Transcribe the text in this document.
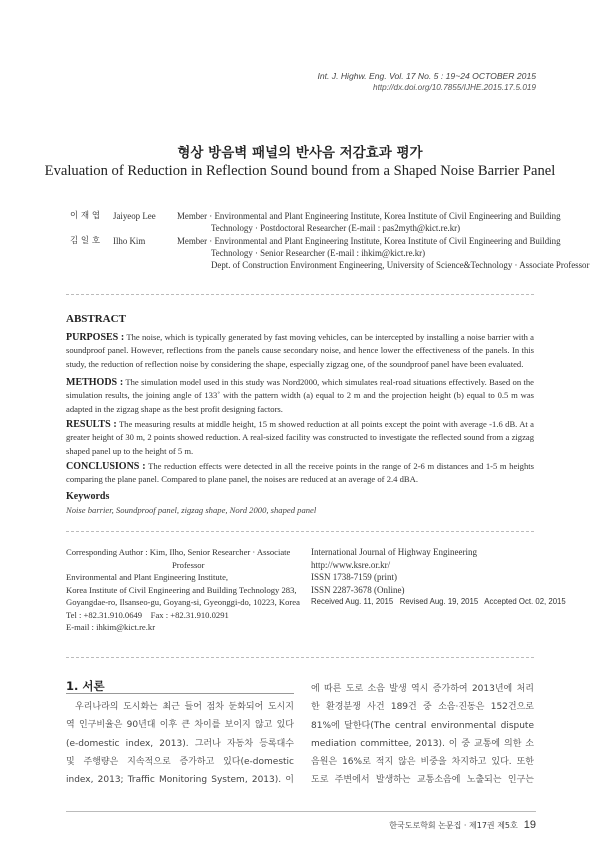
Int. J. Highw. Eng. Vol. 17 No. 5 : 19~24 OCTOBER 2015
http://dx.doi.org/10.7855/IJHE.2015.17.5.019
형상 방음벽 패널의 반사음 저감효과 평가
Evaluation of Reduction in Reflection Sound bound from a Shaped Noise Barrier Panel
이 재 엽 Jaiyeop Lee Member · Environmental and Plant Engineering Institute, Korea Institute of Civil Engineering and Building
Technology · Postdoctoral Researcher (E-mail : pas2myth@kict.re.kr)
김 일 호 Ilho Kim	Member · Environmental and Plant Engineering Institute, Korea Institute of Civil Engineering and Building
Technology · Senior Researcher (E-mail : ihkim@kict.re.kr)
Dept. of Construction Environment Engineering, University of Science&Technology · Associate Professor
ABSTRACT
PURPOSES : The noise, which is typically generated by fast moving vehicles, can be intercepted by installing a noise barrier with a soundproof panel. However, reflections from the panels cause secondary noise, and hence lower the effectiveness of the panels. In this study, the reduction of reflection noise by considering the shape, especially zigzag one, of the soundproof panel have been evaluated.
METHODS : The simulation model used in this study was Nord2000, which simulates real-road situations effectively. Based on the simulation results, the joining angle of 133˚ with the pattern width (a) equal to 2 m and the projection height (b) equal to 0.5 m was adapted in the zigzag shape as the best profit designing factors.
RESULTS : The measuring results at middle height, 15 m showed reduction at all points except the point with average -1.6 dB. At a greater height of 30 m, 2 points showed reduction. A real-sized facility was constructed to investigate the reflected sound from a zigzag shaped panel up to the height of 5 m.
CONCLUSIONS : The reduction effects were detected in all the receive points in the range of 2-6 m distances and 1-5 m heights comparing the plane panel. Compared to plane panel, the noises are reduced at an average of 2.4 dBA.
Keywords
Noise barrier, Soundproof panel, zigzag shape, Nord 2000, shaped panel
Corresponding Author : Kim, Ilho, Senior Researcher · Associate
Professor
Environmental and Plant Engineering Institute,
Korea Institute of Civil Engineering and Building Technology 283,
Goyangdae-ro, Ilsanseo-gu, Goyang-si, Gyeonggi-do, 10223, Korea
Tel : +82.31.910.0649    Fax : +82.31.910.0291
E-mail : ihkim@kict.re.kr
International Journal of Highway Engineering
http://www.ksre.or.kr/
ISSN 1738-7159 (print)
ISSN 2287-3678 (Online)
Received Aug. 11, 2015   Revised Aug. 19, 2015   Accepted Oct. 02, 2015
1. 서론
우리나라의 도시화는 최근 들어 점차 둔화되어 도시지
역 인구비율은 90년대 이후 큰 차이를 보이지 않고 있다
(e-domestic index, 2013). 그러나 자동차 등록대수
및 주행량은 지속적으로 증가하고 있다(e-domestic
index, 2013; Traffic Monitoring System, 2013). 이
에 따른 도로 소음 발생 역시 증가하여 2013년에 처리
한 환경분쟁 사건 189건 중 소음·진동은 152건으로
81%에 달한다(The central environmental dispute
mediation committee, 2013). 이 중 교통에 의한 소
음원은 16%로 적지 않은 비중을 차지하고 있다. 또한
도로 주변에서 발생하는 교통소음에 노출되는 인구는
한국도로학회 논문집 · 제17권 제5호 19
